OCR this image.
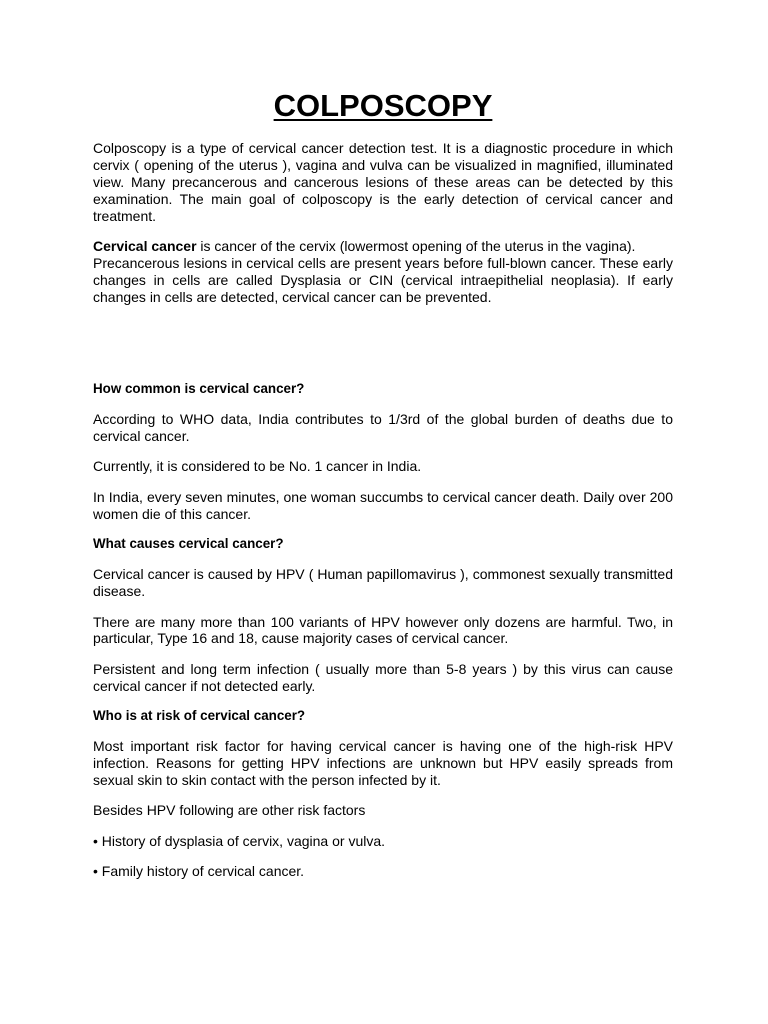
COLPOSCOPY

Colposcopy is a type of cervical cancer detection test. It is a diagnostic procedure in which cervix ( opening of the uterus ), vagina and vulva can be visualized in magnified, illuminated view. Many precancerous and cancerous lesions of these areas can be detected by this examination. The main goal of colposcopy is the early detection of cervical cancer and treatment.

Cervical cancer is cancer of the cervix (lowermost opening of the uterus in the vagina).

Precancerous lesions in cervical cells are present years before full-blown cancer. These early changes in cells are called Dysplasia or CIN (cervical intraepithelial neoplasia). If early changes in cells are detected, cervical cancer can be prevented.

How common is cervical cancer?

According to WHO data, India contributes to 1/3rd of the global burden of deaths due to cervical cancer.

Currently, it is considered to be No. 1 cancer in India.

In India, every seven minutes, one woman succumbs to cervical cancer death. Daily over 200 women die of this cancer.

What causes cervical cancer?

Cervical cancer is caused by HPV ( Human papillomavirus ), commonest sexually transmitted disease.

There are many more than 100 variants of HPV however only dozens are harmful. Two, in particular, Type 16 and 18, cause majority cases of cervical cancer.

Persistent and long term infection ( usually more than 5-8 years ) by this virus can cause cervical cancer if not detected early.

Who is at risk of cervical cancer?

Most important risk factor for having cervical cancer is having one of the high-risk HPV infection. Reasons for getting HPV infections are unknown but HPV easily spreads from sexual skin to skin contact with the person infected by it.

Besides HPV following are other risk factors

• History of dysplasia of cervix, vagina or vulva.

• Family history of cervical cancer.
